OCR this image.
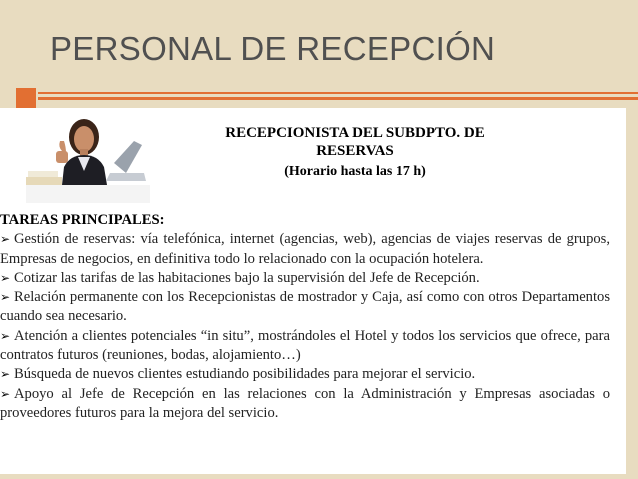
PERSONAL DE RECEPCIÓN
RECEPCIONISTA DEL SUBDPTO. DE
RESERVAS
(Horario hasta las 17 h)
TAREAS PRINCIPALES:

➢ Gestión de reservas: vía telefónica, internet (agencias, web), agencias de viajes reservas de grupos, Empresas de negocios, en definitiva todo lo relacionado con la ocupación hotelera.

➢ Cotizar las tarifas de las habitaciones bajo la supervisión del Jefe de Recepción.

➢ Relación permanente con los Recepcionistas de mostrador y Caja, así como con otros Departamentos cuando sea necesario.

➢ Atención a clientes potenciales “in situ”, mostrándoles el Hotel y todos los servicios que ofrece, para contratos futuros (reuniones, bodas, alojamiento…)

➢ Búsqueda de nuevos clientes estudiando posibilidades para mejorar el servicio.

➢ Apoyo al Jefe de Recepción en las relaciones con la Administración y Empresas asociadas o proveedores futuros para la mejora del servicio.
